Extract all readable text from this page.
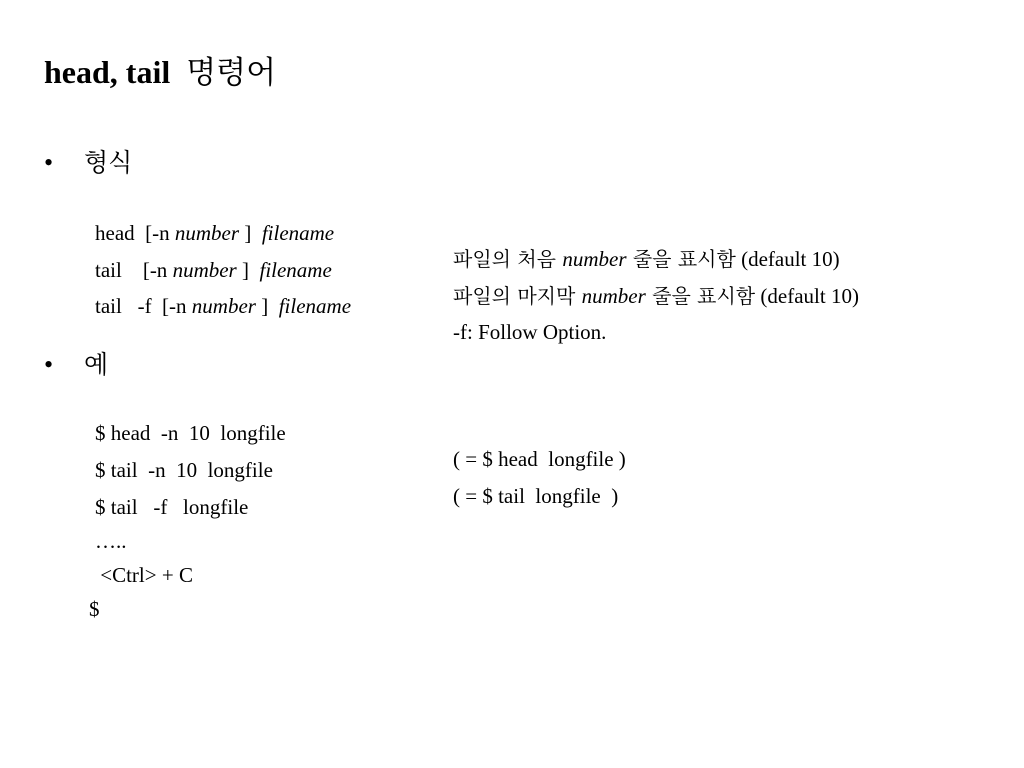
head, tail  명령어
• 형식

head  [-n number ]  filename

파일의 처음 number 줄을 표시함 (default 10)

tail    [-n number ]  filename

파일의 마지막 number 줄을 표시함 (default 10)

tail   -f  [-n number ]  filename

-f: Follow Option.

• 예

$ head  -n  10  longfile

( = $ head  longfile )

$ tail  -n  10  longfile

( = $ tail  longfile  )

$ tail   -f   longfile

…..

<Ctrl> + C

$
